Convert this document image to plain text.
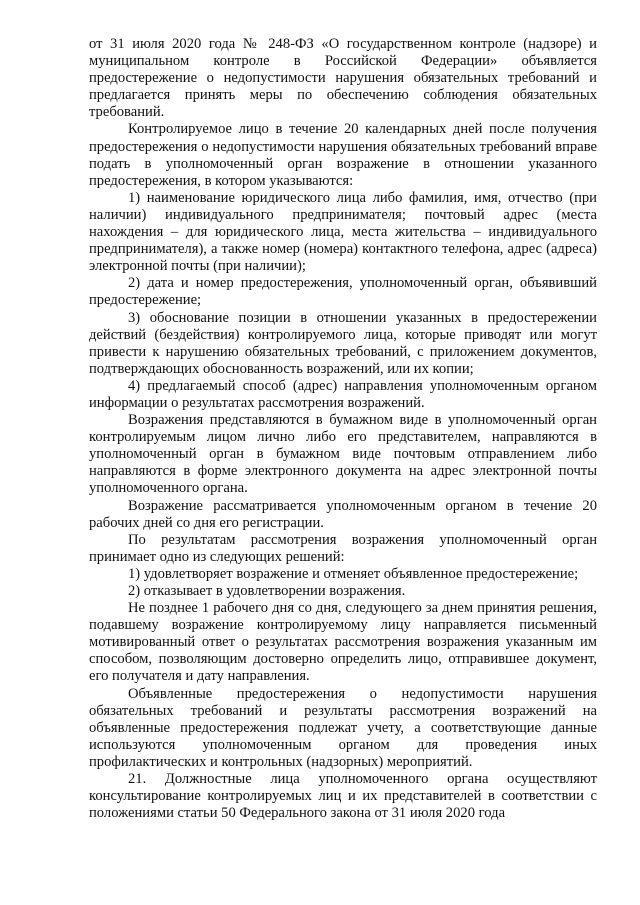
от 31 июля 2020 года № 248-ФЗ «О государственном контроле (надзоре) и муниципальном контроле в Российской Федерации» объявляется предостережение о недопустимости нарушения обязательных требований и предлагается принять меры по обеспечению соблюдения обязательных требований.

Контролируемое лицо в течение 20 календарных дней после получения предостережения о недопустимости нарушения обязательных требований вправе подать в уполномоченный орган возражение в отношении указанного предостережения, в котором указываются:

1) наименование юридического лица либо фамилия, имя, отчество (при наличии) индивидуального предпринимателя; почтовый адрес (места нахождения – для юридического лица, места жительства – индивидуального предпринимателя), а также номер (номера) контактного телефона, адрес (адреса) электронной почты (при наличии);

2) дата и номер предостережения, уполномоченный орган, объявивший предостережение;

3) обоснование позиции в отношении указанных в предостережении действий (бездействия) контролируемого лица, которые приводят или могут привести к нарушению обязательных требований, с приложением документов, подтверждающих обоснованность возражений, или их копии;

4) предлагаемый способ (адрес) направления уполномоченным органом информации о результатах рассмотрения возражений.

Возражения представляются в бумажном виде в уполномоченный орган контролируемым лицом лично либо его представителем, направляются в уполномоченный орган в бумажном виде почтовым отправлением либо направляются в форме электронного документа на адрес электронной почты уполномоченного органа.

Возражение рассматривается уполномоченным органом в течение 20 рабочих дней со дня его регистрации.

По результатам рассмотрения возражения уполномоченный орган принимает одно из следующих решений:

1) удовлетворяет возражение и отменяет объявленное предостережение;

2) отказывает в удовлетворении возражения.

Не позднее 1 рабочего дня со дня, следующего за днем принятия решения, подавшему возражение контролируемому лицу направляется письменный мотивированный ответ о результатах рассмотрения возражения указанным им способом, позволяющим достоверно определить лицо, отправившее документ, его получателя и дату направления.

Объявленные предостережения о недопустимости нарушения обязательных требований и результаты рассмотрения возражений на объявленные предостережения подлежат учету, а соответствующие данные используются уполномоченным органом для проведения иных профилактических и контрольных (надзорных) мероприятий.

21. Должностные лица уполномоченного органа осуществляют консультирование контролируемых лиц и их представителей в соответствии с положениями статьи 50 Федерального закона от 31 июля 2020 года
